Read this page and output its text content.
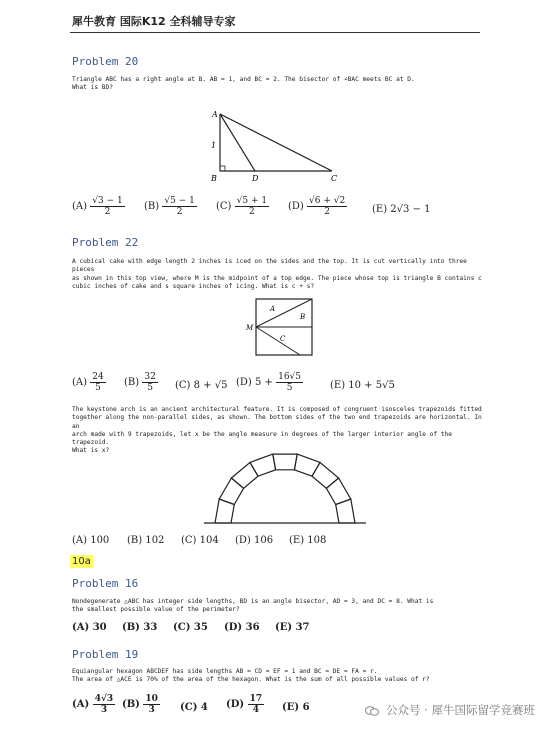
犀牛教育 国际K12 全科辅导专家
Problem 20
Triangle ABC has a right angle at B. AB = 1, and BC = 2. The bisector of ∠BAC meets BC at D.
What is BD?
A
1
B	D	C
$(A) \frac{√3 - 1}{2} (B) \frac{√5 - 1}{2} (C) \frac{√5 + 1}{2} (D) \frac{√6 + √2}{2} (E) 2√3 - 1$
Problem 22
A cubical cake with edge length 2 inches is iced on the sides and the top. It is cut vertically into three pieces
as shown in this top view, where M is the midpoint of a top edge. The piece whose top is triangle B contains c
cubic inches of cake and s square inches of icing. What is c + s?
M
A
B
C
$(A) \frac{24}{5} (B) \frac{32}{5} (C) 8 + √5$ (D) $5 + \frac{16√5}{5}$	(E) 10 + 5√5
The keystone arch is an ancient architectural feature. It is composed of congruent isosceles trapezoids fitted
together along the non-parallel sides, as shown. The bottom sides of the two end trapezoids are horizontal. In an
arch made with 9 trapezoids, let x be the angle measure in degrees of the larger interior angle of the trapezoid.
What is x?
(A) 100 (B) 102 (C) 104 (D) 106 (E) 108
10a
Problem 16
Nondegenerate △ABC has integer side lengths, BD is an angle bisector, AD = 3, and DC = 8. What is
the smallest possible value of the perimeter?
(A) 30 (B) 33 (C) 35 (D) 36 (E) 37
Problem 19
Equiangular hexagon ABCDEF has side lengths AB = CD = EF = 1 and BC = DE = FA = r.
The area of △ACE is 70% of the area of the hexagon. What is the sum of all possible values of r?
$(A) \frac{4√3}{3} (B) \frac{10}{3} (C)$ 4 $(D) \frac{17}{4} (E)$ 6	公众号 · 犀牛国际留学竞赛班
